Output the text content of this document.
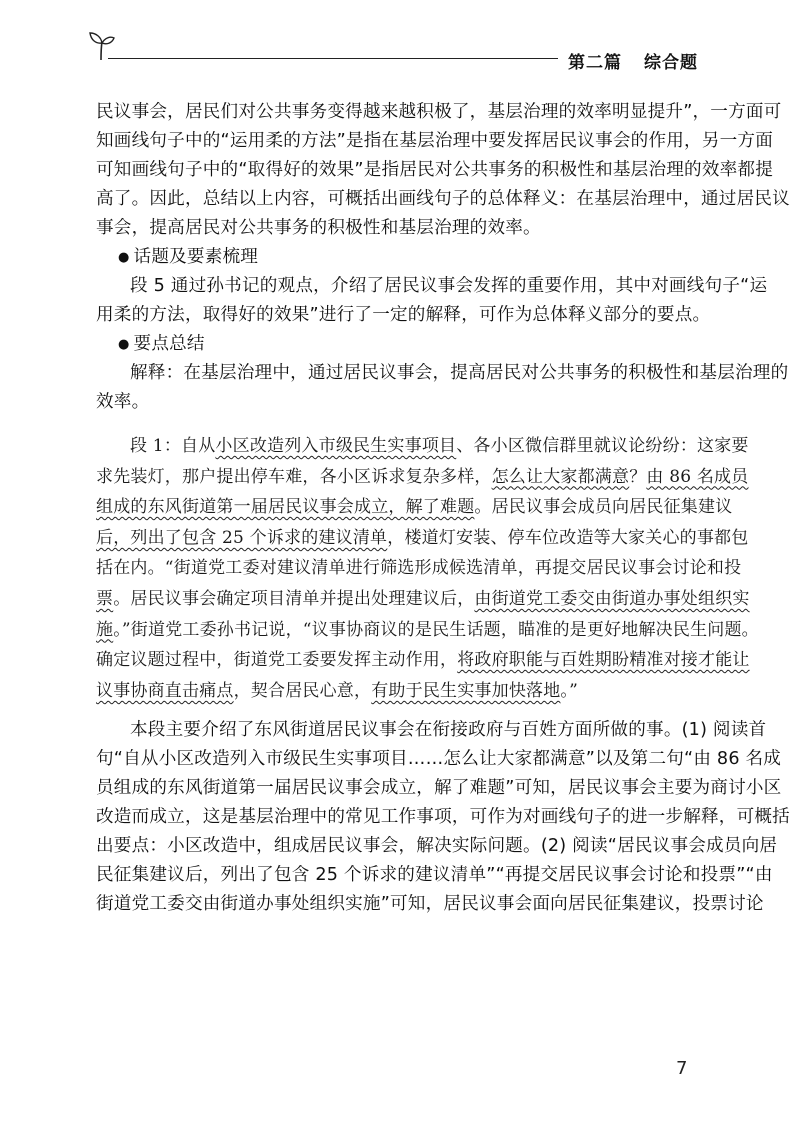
第二篇 综合题
民议事会，居民们对公共事务变得越来越积极了，基层治理的效率明显提升”，一方面可
知画线句子中的“运用柔的方法”是指在基层治理中要发挥居民议事会的作用，另一方面
可知画线句子中的“取得好的效果”是指居民对公共事务的积极性和基层治理的效率都提
高了。因此，总结以上内容，可概括出画线句子的总体释义：在基层治理中，通过居民议
事会，提高居民对公共事务的积极性和基层治理的效率。
● 话题及要素梳理
段 5 通过孙书记的观点，介绍了居民议事会发挥的重要作用，其中对画线句子“运
用柔的方法，取得好的效果”进行了一定的解释，可作为总体释义部分的要点。
● 要点总结
解释：在基层治理中，通过居民议事会，提高居民对公共事务的积极性和基层治理的
效率。
段 1：自从小区改造列入市级民生实事项目、各小区微信群里就议论纷纷：这家要
求先装灯，那户提出停车难，各小区诉求复杂多样，怎么让大家都满意？由 86 名成员
组成的东风街道第一届居民议事会成立，解了难题。居民议事会成员向居民征集建议
后，列出了包含 25 个诉求的建议清单，楼道灯安装、停车位改造等大家关心的事都包
括在内。“街道党工委对建议清单进行筛选形成候选清单，再提交居民议事会讨论和投
票。居民议事会确定项目清单并提出处理建议后，由街道党工委交由街道办事处组织实
施。”街道党工委孙书记说，“议事协商议的是民生话题，瞄准的是更好地解决民生问题。
确定议题过程中，街道党工委要发挥主动作用，将政府职能与百姓期盼精准对接才能让
议事协商直击痛点，契合居民心意，有助于民生实事加快落地。”
本段主要介绍了东风街道居民议事会在衔接政府与百姓方面所做的事。(1) 阅读首
句“自从小区改造列入市级民生实事项目……怎么让大家都满意”以及第二句“由 86 名成
员组成的东风街道第一届居民议事会成立，解了难题”可知，居民议事会主要为商讨小区
改造而成立，这是基层治理中的常见工作事项，可作为对画线句子的进一步解释，可概括
出要点：小区改造中，组成居民议事会，解决实际问题。(2) 阅读“居民议事会成员向居
民征集建议后，列出了包含 25 个诉求的建议清单”“再提交居民议事会讨论和投票”“由
街道党工委交由街道办事处组织实施”可知，居民议事会面向居民征集建议，投票讨论
7
